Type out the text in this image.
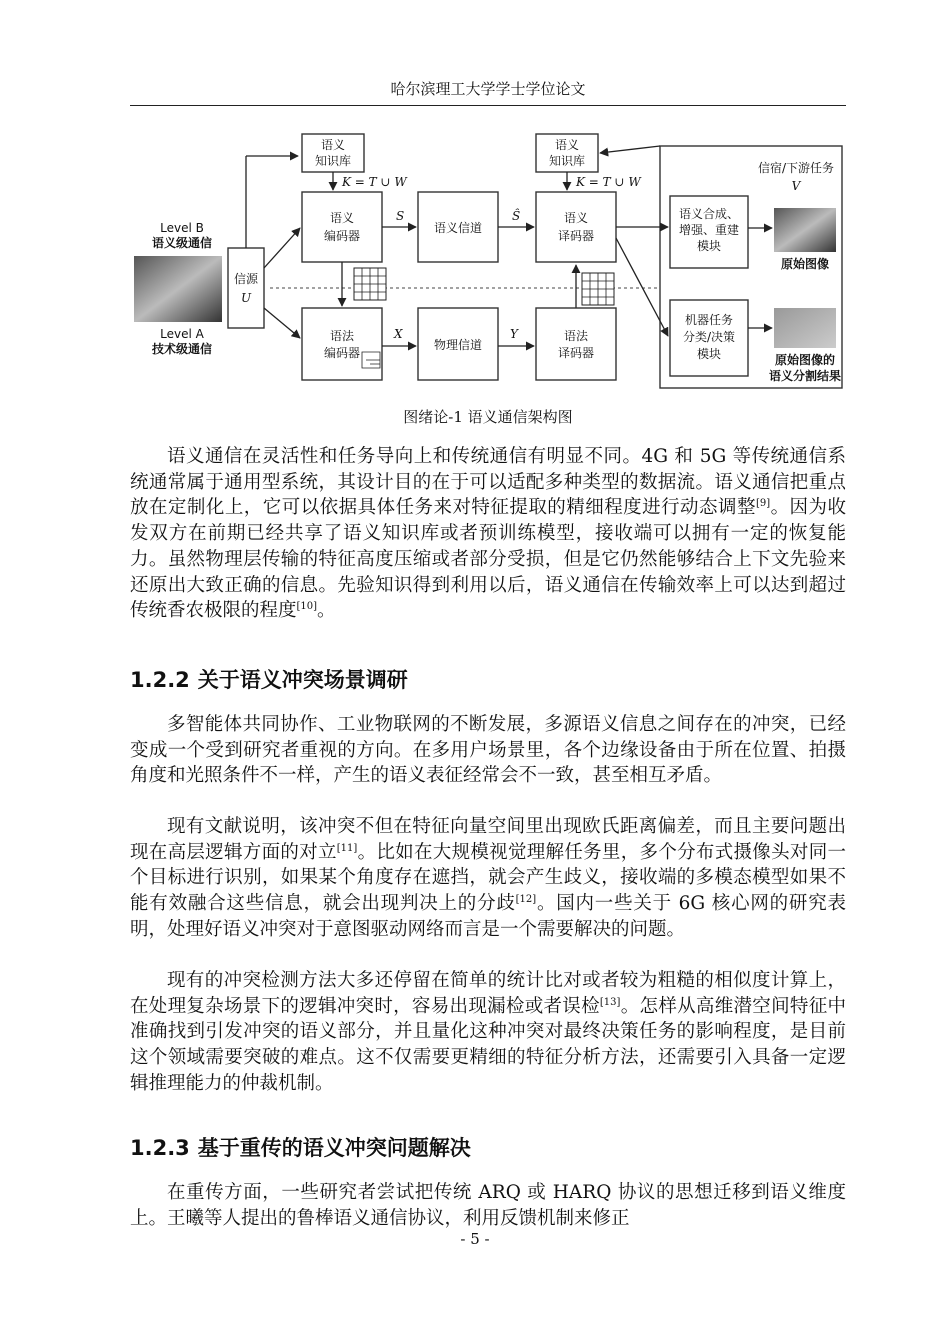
哈尔滨理工大学学士学位论文
Level B
语义级通信
Level A
技术级通信
信源
U
语义
知识库
K = T ∪ W
语义
编码器
S
语义信道
Ŝ
语义
知识库
K = T ∪ W
语义
译码器
语法
编码器
X
物理信道
Y	语法
译码器
信宿/下游任务
V
语义合成、
增强、重建
模块
原始图像
机器任务
分类/决策
模块	原始图像的
语义分割结果
图绪论-1 语义通信架构图

语义通信在灵活性和任务导向上和传统通信有明显不同。4G 和 5G 等传统通信系统通常属于通用型系统，其设计目的在于可以适配多种类型的数据流。语义通信把重点放在定制化上，它可以依据具体任务来对特征提取的精细程度进行动态调整[9]。因为收发双方在前期已经共享了语义知识库或者预训练模型，接收端可以拥有一定的恢复能力。虽然物理层传输的特征高度压缩或者部分受损，但是它仍然能够结合上下文先验来还原出大致正确的信息。先验知识得到利用以后，语义通信在传输效率上可以达到超过传统香农极限的程度[10]。

1.2.2 关于语义冲突场景调研

多智能体共同协作、工业物联网的不断发展，多源语义信息之间存在的冲突，已经变成一个受到研究者重视的方向。在多用户场景里，各个边缘设备由于所在位置、拍摄角度和光照条件不一样，产生的语义表征经常会不一致，甚至相互矛盾。

现有文献说明，该冲突不但在特征向量空间里出现欧氏距离偏差，而且主要问题出现在高层逻辑方面的对立[11]。比如在大规模视觉理解任务里，多个分布式摄像头对同一个目标进行识别，如果某个角度存在遮挡，就会产生歧义，接收端的多模态模型如果不能有效融合这些信息，就会出现判决上的分歧[12]。国内一些关于 6G 核心网的研究表明，处理好语义冲突对于意图驱动网络而言是一个需要解决的问题。

现有的冲突检测方法大多还停留在简单的统计比对或者较为粗糙的相似度计算上，在处理复杂场景下的逻辑冲突时，容易出现漏检或者误检[13]。怎样从高维潜空间特征中准确找到引发冲突的语义部分，并且量化这种冲突对最终决策任务的影响程度，是目前这个领域需要突破的难点。这不仅需要更精细的特征分析方法，还需要引入具备一定逻辑推理能力的仲裁机制。

1.2.3 基于重传的语义冲突问题解决

在重传方面，一些研究者尝试把传统 ARQ 或 HARQ 协议的思想迁移到语义维度上。王曦等人提出的鲁棒语义通信协议，利用反馈机制来修正

- 5 -
